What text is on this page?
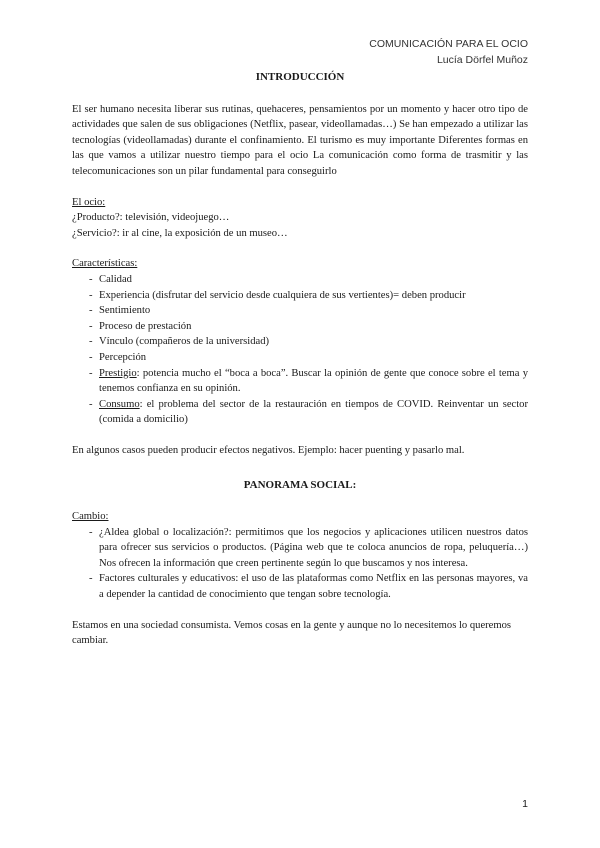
COMUNICACIÓN PARA EL OCIO
Lucía Dörfel Muñoz
INTRODUCCIÓN

El ser humano necesita liberar sus rutinas, quehaceres, pensamientos por un momento y hacer otro tipo de actividades que salen de sus obligaciones (Netflix, pasear, videollamadas…) Se han empezado a utilizar las tecnologías (videollamadas) durante el confinamiento. El turismo es muy importante Diferentes formas en las que vamos a utilizar nuestro tiempo para el ocio La comunicación como forma de trasmitir y las telecomunicaciones son un pilar fundamental para conseguirlo

El ocio:

¿Producto?: televisión, videojuego…

¿Servicio?: ir al cine, la exposición de un museo…

Características:

- Calidad
- Experiencia (disfrutar del servicio desde cualquiera de sus vertientes)= deben producir
- Sentimiento
- Proceso de prestación
- Vínculo (compañeros de la universidad)
- Percepción
- Prestigio: potencia mucho el “boca a boca”. Buscar la opinión de gente que conoce sobre el tema y tenemos confianza en su opinión.
- Consumo: el problema del sector de la restauración en tiempos de COVID. Reinventar un sector (comida a domicilio)

En algunos casos pueden producir efectos negativos. Ejemplo: hacer puenting y pasarlo mal.

PANORAMA SOCIAL:

Cambio:

- ¿Aldea global o localización?: permitimos que los negocios y aplicaciones utilicen nuestros datos para ofrecer sus servicios o productos. (Página web que te coloca anuncios de ropa, peluquería…) Nos ofrecen la información que creen pertinente según lo que buscamos y nos interesa.
- Factores culturales y educativos: el uso de las plataformas como Netflix en las personas mayores, va a depender la cantidad de conocimiento que tengan sobre tecnología.

Estamos en una sociedad consumista. Vemos cosas en la gente y aunque no lo necesitemos lo queremos cambiar.

1
